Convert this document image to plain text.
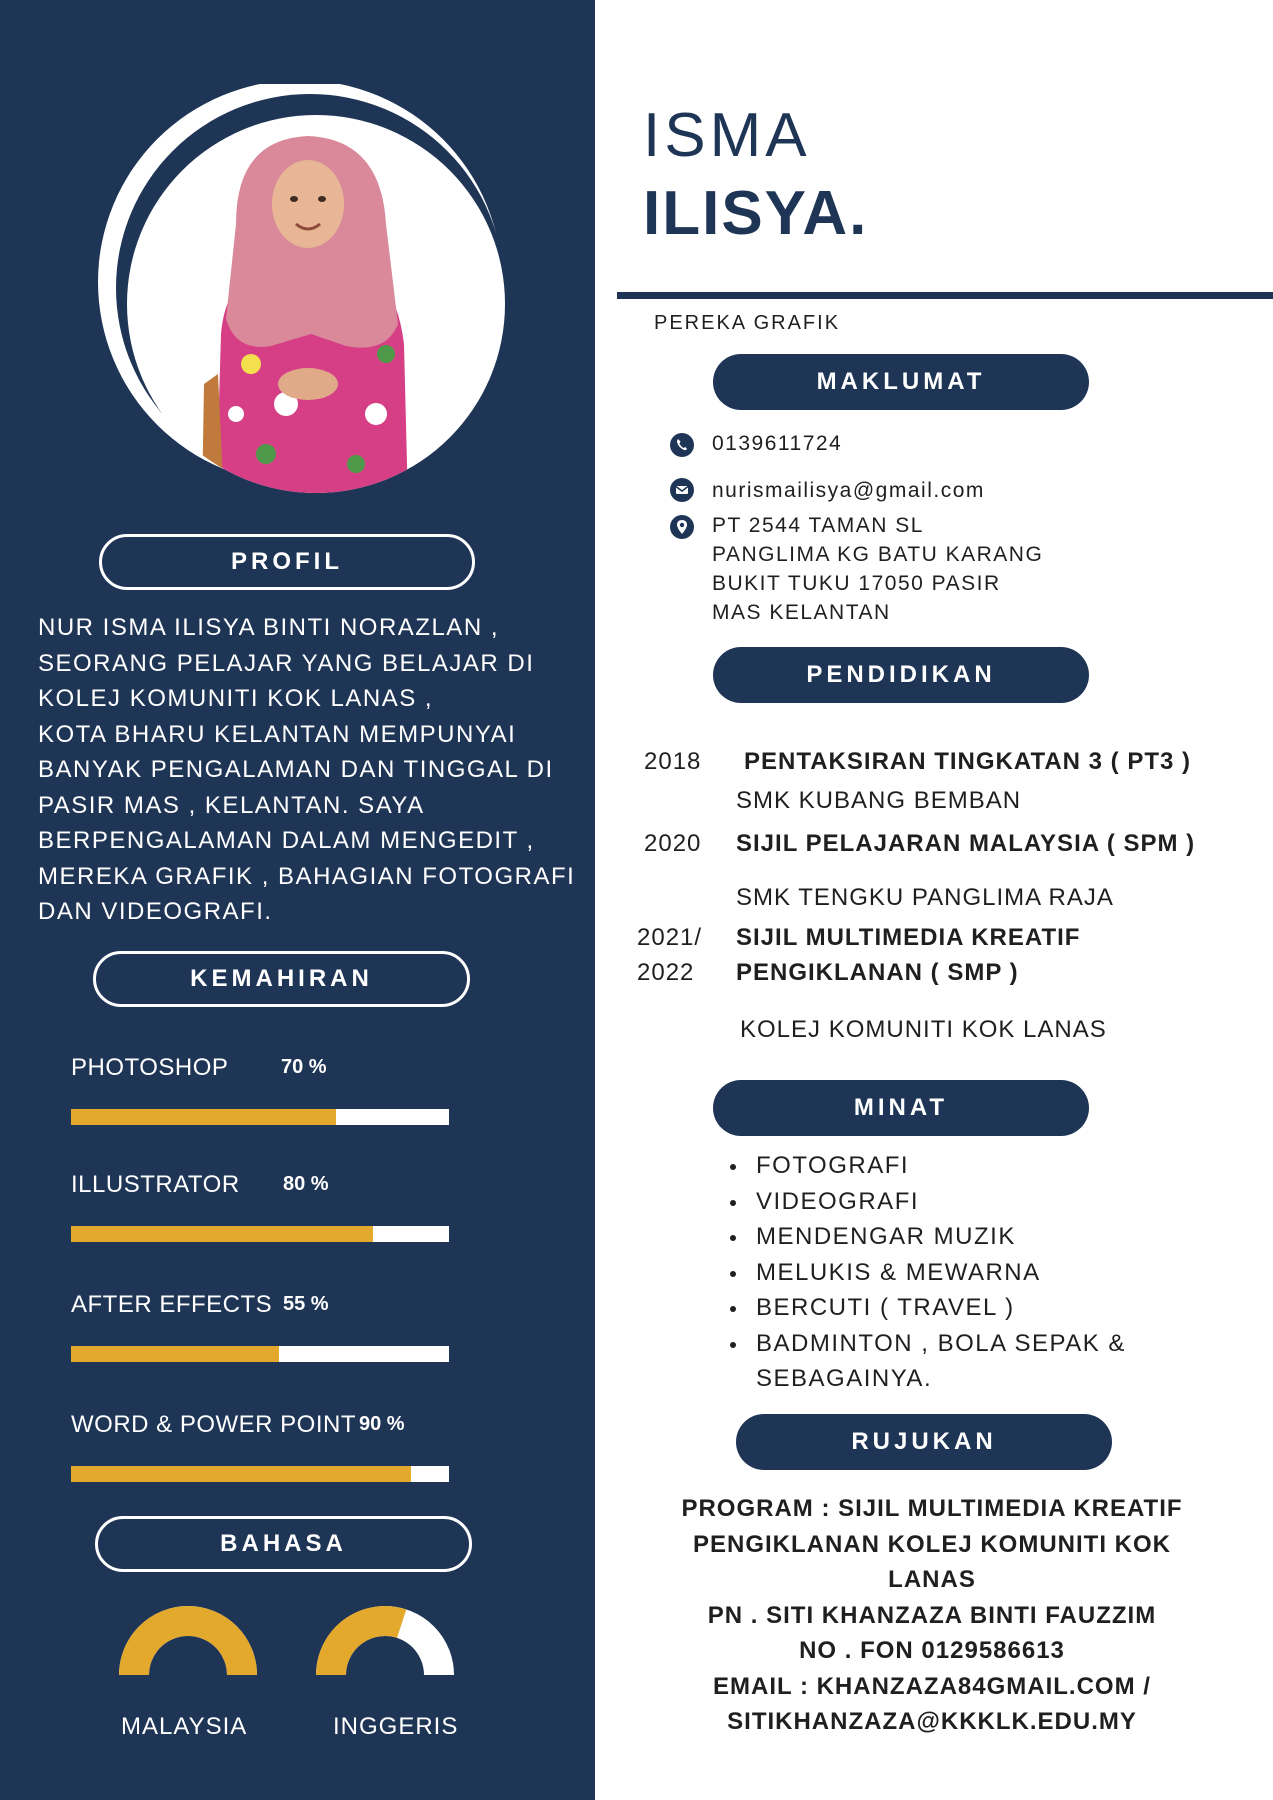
PROFIL
NUR ISMA ILISYA BINTI NORAZLAN ,
SEORANG PELAJAR YANG BELAJAR DI
KOLEJ KOMUNITI KOK LANAS ,
KOTA BHARU KELANTAN MEMPUNYAI
BANYAK PENGALAMAN DAN TINGGAL DI
PASIR MAS , KELANTAN. SAYA
BERPENGALAMAN DALAM MENGEDIT ,
MEREKA GRAFIK , BAHAGIAN FOTOGRAFI
DAN VIDEOGRAFI.
KEMAHIRAN
PHOTOSHOP	70 %
ILLUSTRATOR 80 %
AFTER EFFECTS 55 %
WORD & POWER POINT 90 %
BAHASA
MALAYSIA	INGGERIS
ISMA
ILISYA.
PEREKA GRAFIK
MAKLUMAT
0139611724
nurismailisya@gmail.com
PT 2544 TAMAN SL
PANGLIMA KG BATU KARANG
BUKIT TUKU 17050 PASIR
MAS KELANTAN
PENDIDIKAN
2018 PENTAKSIRAN TINGKATAN 3 ( PT3 )
SMK KUBANG BEMBAN
2020 SIJIL PELAJARAN MALAYSIA ( SPM )
SMK TENGKU PANGLIMA RAJA
2021/
2022
SIJIL MULTIMEDIA KREATIF
PENGIKLANAN ( SMP )
KOLEJ KOMUNITI KOK LANAS
MINAT
FOTOGRAFI
VIDEOGRAFI
MENDENGAR MUZIK
MELUKIS & MEWARNA
BERCUTI ( TRAVEL )
BADMINTON , BOLA SEPAK &
SEBAGAINYA.
RUJUKAN
PROGRAM : SIJIL MULTIMEDIA KREATIF
PENGIKLANAN KOLEJ KOMUNITI KOK
LANAS
PN . SITI KHANZAZA BINTI FAUZZIM
NO . FON 0129586613
EMAIL : KHANZAZA84GMAIL.COM /
SITIKHANZAZA@KKKLK.EDU.MY
